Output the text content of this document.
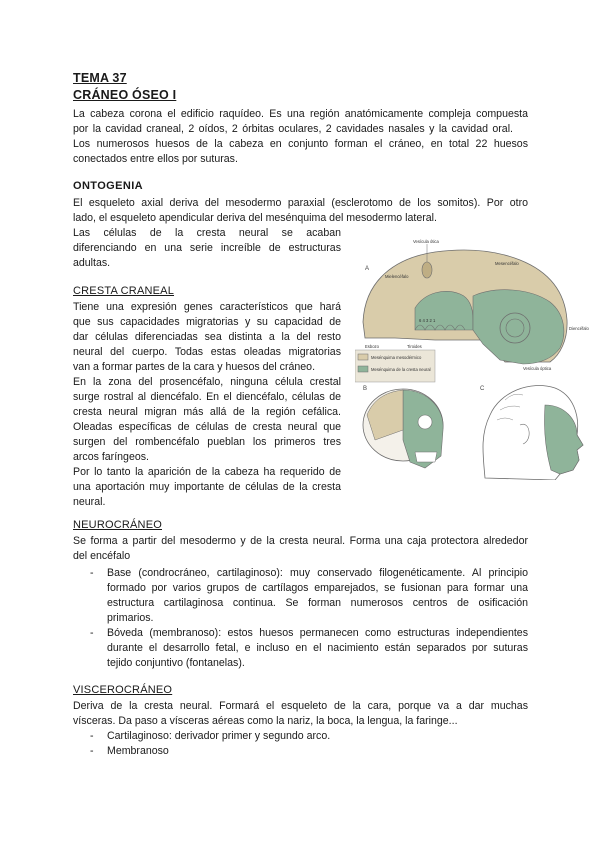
TEMA 37
CRÁNEO ÓSEO I
La cabeza corona el edificio raquídeo. Es una región anatómicamente compleja compuesta
por la cavidad craneal, 2 oídos, 2 órbitas oculares, 2 cavidades nasales y la cavidad oral.
Los numerosos huesos de la cabeza en conjunto forman el cráneo, en total 22 huesos
conectados entre ellos por suturas.
ONTOGENIA
El esqueleto axial deriva del mesodermo paraxial (esclerotomo de los somitos). Por otro
lado, el esqueleto apendicular deriva del mesénquima del mesodermo lateral.
Las células de la cresta neural se acaban
diferenciando en una serie increíble de estructuras
adultas.
CRESTA CRANEAL
Tiene una expresión genes característicos que hará
que sus capacidades migratorias y su capacidad de
dar células diferenciadas sea distinta a la del resto
neural del cuerpo. Todas estas oleadas migratorias
van a formar partes de la cara y huesos del cráneo.
En la zona del prosencéfalo, ninguna célula crestal
surge rostral al diencéfalo. En el diencéfalo, células de
cresta neural migran más allá de la región cefálica.
Oleadas específicas de células de cresta neural que
surgen del rombencéfalo pueblan los primeros tres
arcos faríngeos.
Por lo tanto la aparición de la cabeza ha requerido de
una aportación muy importante de células de la cresta
neural.
A
Vesícula ótica
Mielencéfalo
Mesencéfalo
Diencéfalo
Esbozo	Tiroides
6 4 3 2 1
Vesícula óptica
Mesénquima mesodérmico
Mesénquima de la cresta neural
B	C
NEUROCRÁNEO
Se forma a partir del mesodermo y de la cresta neural. Forma una caja protectora alrededor
del encéfalo
- Base (condrocráneo, cartilaginoso): muy conservado filogenéticamente. Al principio
formado por varios grupos de cartílagos emparejados, se fusionan para formar una
estructura cartilaginosa continua. Se forman numerosos centros de osificación
primarios.
- Bóveda (membranoso): estos huesos permanecen como estructuras independientes
durante el desarrollo fetal, e incluso en el nacimiento están separados por suturas
tejido conjuntivo (fontanelas).
VISCEROCRÁNEO
Deriva de la cresta neural. Formará el esqueleto de la cara, porque va a dar muchas
vísceras. Da paso a vísceras aéreas como la nariz, la boca, la lengua, la faringe...
- Cartilaginoso: derivador primer y segundo arco.
- Membranoso
